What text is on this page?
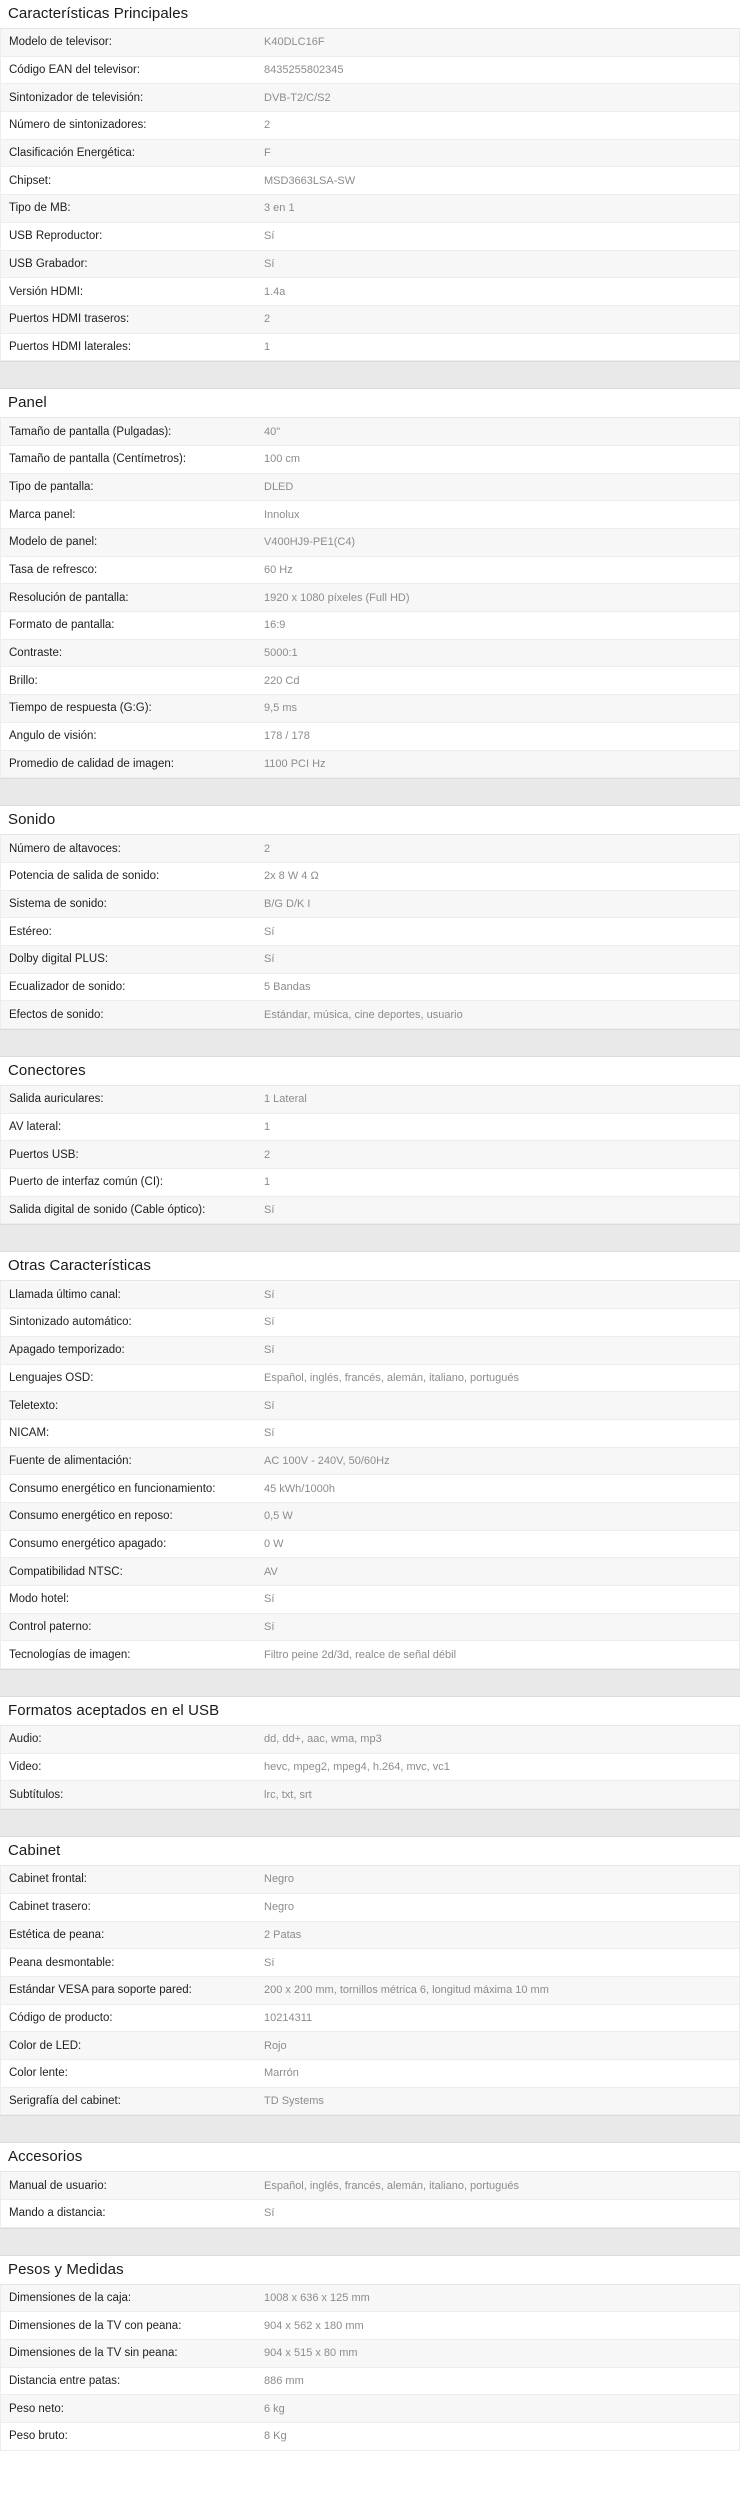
Características Principales
Modelo de televisor:	K40DLC16F
Código EAN del televisor:	8435255802345
Sintonizador de televisión:	DVB-T2/C/S2
Número de sintonizadores:	2
Clasificación Energética:	F
Chipset:	MSD3663LSA-SW
Tipo de MB:	3 en 1
USB Reproductor:	Sí
USB Grabador:	Sí
Versión HDMI:	1.4a
Puertos HDMI traseros:	2
Puertos HDMI laterales:	1
Panel
Tamaño de pantalla (Pulgadas):	40"
Tamaño de pantalla (Centímetros):	100 cm
Tipo de pantalla:	DLED
Marca panel:	Innolux
Modelo de panel:	V400HJ9-PE1(C4)
Tasa de refresco:	60 Hz
Resolución de pantalla:	1920 x 1080 píxeles (Full HD)
Formato de pantalla:	16:9
Contraste:	5000:1
Brillo:	220 Cd
Tiempo de respuesta (G:G):	9,5 ms
Ángulo de visión:	178 / 178
Promedio de calidad de imagen:	1100 PCI Hz
Sonido
Número de altavoces:	2
Potencia de salida de sonido:	2x 8 W 4 Ω
Sistema de sonido:	B/G D/K I
Estéreo:	Sí
Dolby digital PLUS:	Sí
Ecualizador de sonido:	5 Bandas
Efectos de sonido:	Estándar, música, cine deportes, usuario
Conectores
Salida auriculares:	1 Lateral
AV lateral:	1
Puertos USB:	2
Puerto de interfaz común (CI):	1
Salida digital de sonido (Cable óptico):	Sí
Otras Características
Llamada último canal:	Sí
Sintonizado automático:	Sí
Apagado temporizado:	Sí
Lenguajes OSD:	Español, inglés, francés, alemán, italiano, portugués
Teletexto:	Sí
NICAM:	Sí
Fuente de alimentación:	AC 100V - 240V, 50/60Hz
Consumo energético en funcionamiento:	45 kWh/1000h
Consumo energético en reposo:	0,5 W
Consumo energético apagado:	0 W
Compatibilidad NTSC:	AV
Modo hotel:	Sí
Control paterno:	Sí
Tecnologías de imagen:	Filtro peine 2d/3d, realce de señal débil
Formatos aceptados en el USB
Audio:	dd, dd+, aac, wma, mp3
Video:	hevc, mpeg2, mpeg4, h.264, mvc, vc1
Subtítulos:	lrc, txt, srt
Cabinet
Cabinet frontal:	Negro
Cabinet trasero:	Negro
Estética de peana:	2 Patas
Peana desmontable:	Sí
Estándar VESA para soporte pared:	200 x 200 mm, tornillos métrica 6, longitud máxima 10 mm
Código de producto:	10214311
Color de LED:	Rojo
Color lente:	Marrón
Serigrafía del cabinet:	TD Systems
Accesorios
Manual de usuario:	Español, inglés, francés, alemán, italiano, portugués
Mando a distancia:	Sí
Pesos y Medidas
Dimensiones de la caja:	1008 x 636 x 125 mm
Dimensiones de la TV con peana:	904 x 562 x 180 mm
Dimensiones de la TV sin peana:	904 x 515 x 80 mm
Distancia entre patas:	886 mm
Peso neto:	6 kg
Peso bruto:	8 Kg
